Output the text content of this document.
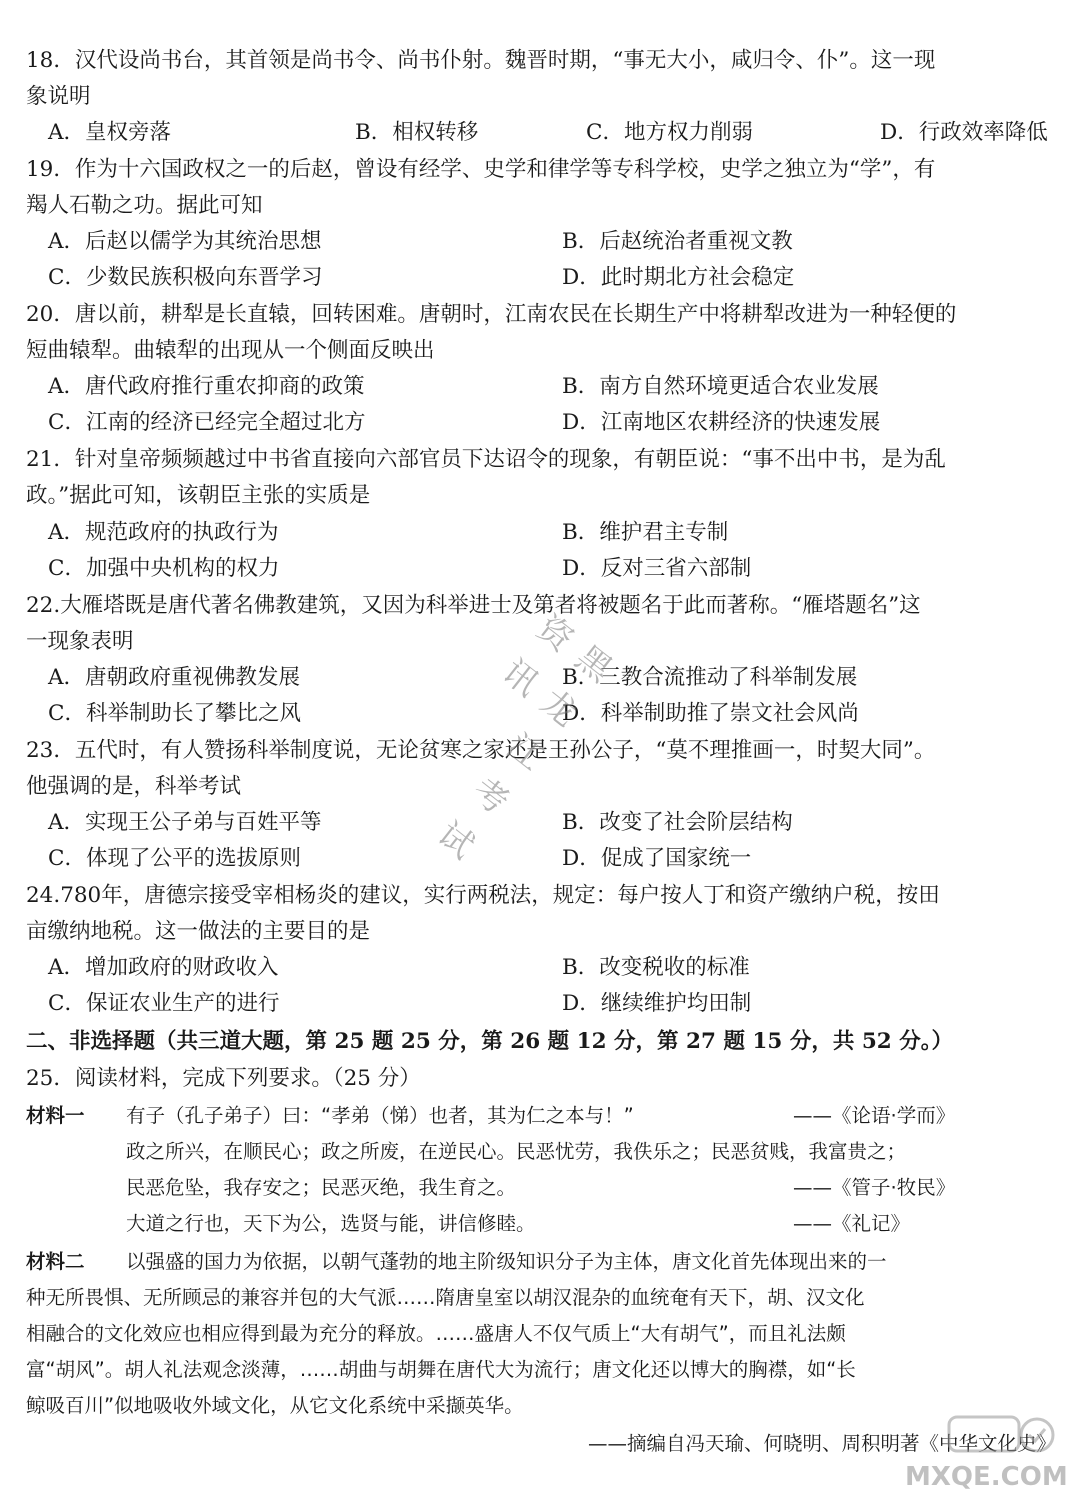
18．汉代设尚书台，其首领是尚书令、尚书仆射。魏晋时期，“事无大小，咸归令、仆”。这一现
象说明
A．皇权旁落	B．相权转移	C．地方权力削弱	D．行政效率降低
19．作为十六国政权之一的后赵，曾设有经学、史学和律学等专科学校，史学之独立为“学”，有
羯人石勒之功。据此可知
A．后赵以儒学为其统治思想	B．后赵统治者重视文教
C．少数民族积极向东晋学习	D．此时期北方社会稳定
20．唐以前，耕犁是长直辕，回转困难。唐朝时，江南农民在长期生产中将耕犁改进为一种轻便的
短曲辕犁。曲辕犁的出现从一个侧面反映出
A．唐代政府推行重农抑商的政策	B．南方自然环境更适合农业发展
C．江南的经济已经完全超过北方	D．江南地区农耕经济的快速发展
21．针对皇帝频频越过中书省直接向六部官员下达诏令的现象，有朝臣说：“事不出中书，是为乱
政。”据此可知，该朝臣主张的实质是
A．规范政府的执政行为	B．维护君主专制
C．加强中央机构的权力	D．反对三省六部制
22.大雁塔既是唐代著名佛教建筑，又因为科举进士及第者将被题名于此而著称。“雁塔题名”这
一现象表明
A．唐朝政府重视佛教发展	B．三教合流推动了科举制发展
C．科举制助长了攀比之风	D．科举制助推了崇文社会风尚
23．五代时，有人赞扬科举制度说，无论贫寒之家还是王孙公子，“莫不理推画一，时契大同”。
他强调的是，科举考试
A．实现王公子弟与百姓平等	B．改变了社会阶层结构
C．体现了公平的选拔原则	D．促成了国家统一
24.780年，唐德宗接受宰相杨炎的建议，实行两税法，规定：每户按人丁和资产缴纳户税，按田
亩缴纳地税。这一做法的主要目的是
A．增加政府的财政收入	B．改变税收的标准
C．保证农业生产的进行	D．继续维护均田制
二、非选择题（共三道大题，第 25 题 25 分，第 26 题 12 分，第 27 题 15 分，共 52 分。）
25．阅读材料，完成下列要求。（25 分）
材料一 有子（孔子弟子）曰：“孝弟（悌）也者，其为仁之本与！”	——《论语·学而》
政之所兴，在顺民心；政之所废，在逆民心。民恶忧劳，我佚乐之；民恶贫贱，我富贵之；
民恶危坠，我存安之；民恶灭绝，我生育之。	——《管子·牧民》
大道之行也，天下为公，选贤与能，讲信修睦。	——《礼记》
材料二 以强盛的国力为依据，以朝气蓬勃的地主阶级知识分子为主体，唐文化首先体现出来的一
种无所畏惧、无所顾忌的兼容并包的大气派……隋唐皇室以胡汉混杂的血统奄有天下，胡、汉文化
相融合的文化效应也相应得到最为充分的释放。……盛唐人不仅气质上“大有胡气”，而且礼法颇
富“胡风”。胡人礼法观念淡薄，……胡曲与胡舞在唐代大为流行；唐文化还以博大的胸襟，如“长
鲸吸百川”似地吸收外域文化，从它文化系统中采撷英华。
——摘编自冯天瑜、何晓明、周积明著《中华文化史》
黑龙江考试资讯
MXQE.COM
